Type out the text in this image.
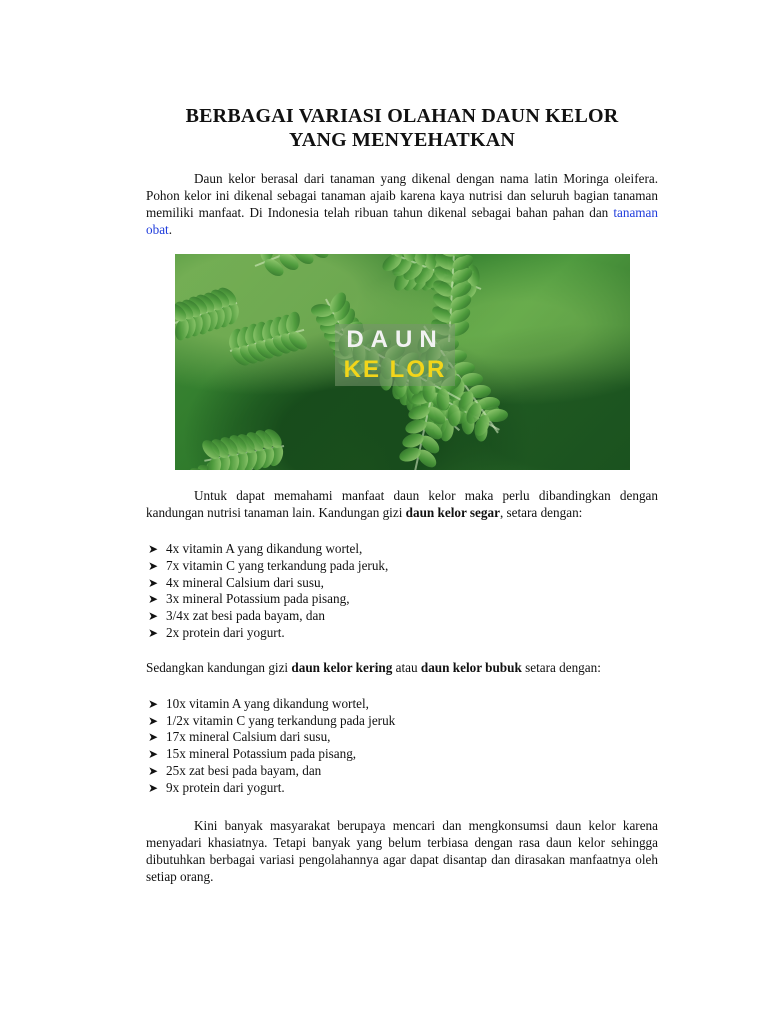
BERBAGAI VARIASI OLAHAN DAUN KELOR
YANG MENYEHATKAN

Daun kelor berasal dari tanaman yang dikenal dengan nama latin Moringa oleifera. Pohon kelor ini dikenal sebagai tanaman ajaib karena kaya nutrisi dan seluruh bagian tanaman memiliki manfaat. Di Indonesia telah ribuan tahun dikenal sebagai bahan pahan dan tanaman obat.

DAUN
KE LOR

Untuk dapat memahami manfaat daun kelor maka perlu dibandingkan dengan kandungan nutrisi tanaman lain. Kandungan gizi daun kelor segar, setara dengan:

➤ 4x vitamin A yang dikandung wortel,
➤ 7x vitamin C yang terkandung pada jeruk,
➤ 4x mineral Calsium dari susu,
➤ 3x mineral Potassium pada pisang,
➤ 3/4x zat besi pada bayam, dan
➤ 2x protein dari yogurt.

Sedangkan kandungan gizi daun kelor kering atau daun kelor bubuk setara dengan:

➤ 10x vitamin A yang dikandung wortel,
➤ 1/2x vitamin C yang terkandung pada jeruk
➤ 17x mineral Calsium dari susu,
➤ 15x mineral Potassium pada pisang,
➤ 25x zat besi pada bayam, dan
➤ 9x protein dari yogurt.

Kini banyak masyarakat berupaya mencari dan mengkonsumsi daun kelor karena menyadari khasiatnya. Tetapi banyak yang belum terbiasa dengan rasa daun kelor sehingga dibutuhkan berbagai variasi pengolahannya agar dapat disantap dan dirasakan manfaatnya oleh setiap orang.
